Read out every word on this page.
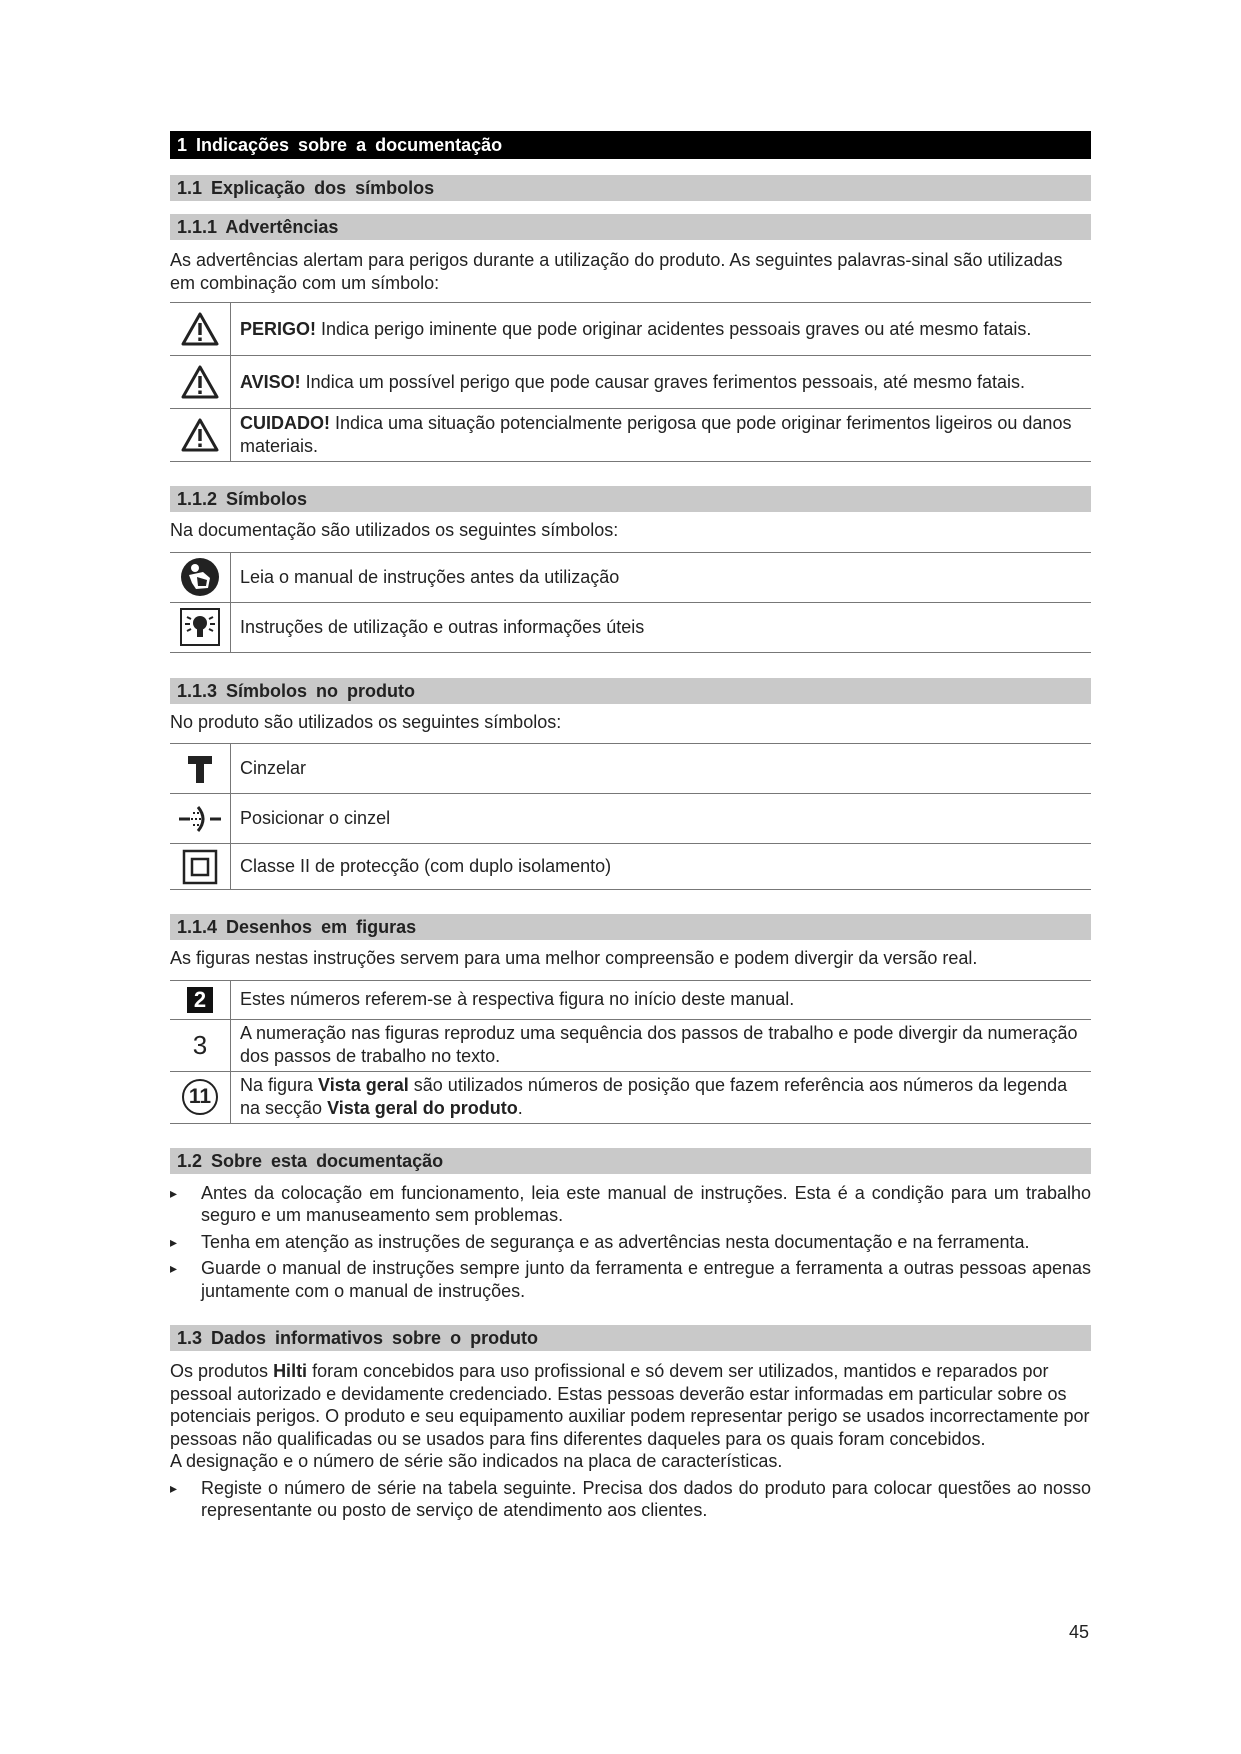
1 Indicações sobre a documentação
1.1 Explicação dos símbolos
1.1.1 Advertências

As advertências alertam para perigos durante a utilização do produto. As seguintes palavras-sinal são utilizadas em combinação com um símbolo:

	PERIGO! Indica perigo iminente que pode originar acidentes pessoais graves ou até mesmo fatais.
	AVISO! Indica um possível perigo que pode causar graves ferimentos pessoais, até mesmo fatais.
	CUIDADO! Indica uma situação potencialmente perigosa que pode originar ferimentos ligeiros ou danos materiais.
1.1.2 Símbolos

Na documentação são utilizados os seguintes símbolos:

	Leia o manual de instruções antes da utilização
	Instruções de utilização e outras informações úteis
1.1.3 Símbolos no produto

No produto são utilizados os seguintes símbolos:

	Cinzelar
	Posicionar o cinzel
	Classe II de protecção (com duplo isolamento)
1.1.4 Desenhos em figuras

As figuras nestas instruções servem para uma melhor compreensão e podem divergir da versão real.

2	Estes números referem-se à respectiva figura no início deste manual.
3	A numeração nas figuras reproduz uma sequência dos passos de trabalho e pode divergir da numeração dos passos de trabalho no texto.
11	Na figura Vista geral são utilizados números de posição que fazem referência aos números da legenda na secção Vista geral do produto.
1.2 Sobre esta documentação
▸ Antes da colocação em funcionamento, leia este manual de instruções. Esta é a condição para um trabalho seguro e um manuseamento sem problemas.
▸ Tenha em atenção as instruções de segurança e as advertências nesta documentação e na ferramenta.
▸ Guarde o manual de instruções sempre junto da ferramenta e entregue a ferramenta a outras pessoas apenas juntamente com o manual de instruções.
1.3 Dados informativos sobre o produto

Os produtos Hilti foram concebidos para uso profissional e só devem ser utilizados, mantidos e reparados por pessoal autorizado e devidamente credenciado. Estas pessoas deverão estar informadas em particular sobre os potenciais perigos. O produto e seu equipamento auxiliar podem representar perigo se usados incorrectamente por pessoas não qualificadas ou se usados para fins diferentes daqueles para os quais foram concebidos.

A designação e o número de série são indicados na placa de características.

▸ Registe o número de série na tabela seguinte. Precisa dos dados do produto para colocar questões ao nosso representante ou posto de serviço de atendimento aos clientes.
45
